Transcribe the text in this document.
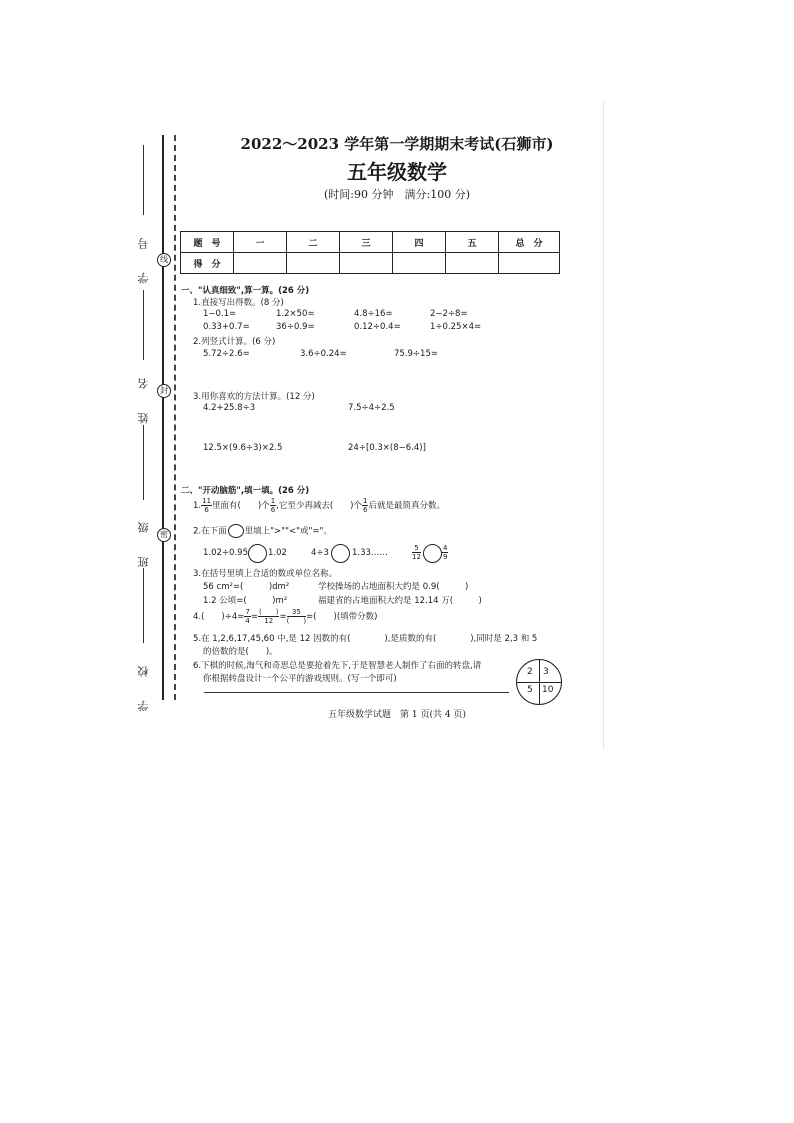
线
封
密
学 号
姓 名
班 级
学 校
2022～2023 学年第一学期期末考试(石狮市)
五年级数学
(时间:90 分钟　满分:100 分)
题　号	一	二	三	四	五	总　分
得　分						
一、"认真细致",算一算。(26 分)
1.直接写出得数。(8 分)
1−0.1=	1.2×50=	4.8÷16=	2−2÷8=
0.33+0.7=	36÷0.9=	0.12÷0.4=	1÷0.25×4=
2.列竖式计算。(6 分)
5.72÷2.6=	3.6÷0.24=	75.9÷15=
3.用你喜欢的方法计算。(12 分)
4.2+25.8÷3	7.5÷4÷2.5
12.5×(9.6÷3)×2.5	24÷[0.3×(8−6.4)]
二、"开动脑筋",填一填。(26 分)
1. $\frac{11}{6}$ 里面有(　　)个 $\frac{1}{6}$ ,它至少再减去(　　)个 $\frac{1}{6}$ 后就是最简真分数。
2.在下面 里填上">""<"或"="。
1.02÷0.95 1.02	4÷3	1.33……	$\frac{5}{12}$	$\frac{4}{9}$
3.在括号里填上合适的数或单位名称。
56 cm²=(　　　)dm²	学校操场的占地面积大约是 0.9(　　　)
1.2 公顷=(　　　)m²	福建省的占地面积大约是 12.14 万(　　　)
4.(　　)$\div 4= \frac{7}{4} = \frac{( )}{12} = \frac{35}{( )}$ =(　　)(填带分数)
5.在 1,2,6,17,45,60 中,是 12 因数的有(　　　　),是质数的有(　　　　),同时是 2,3 和 5
的倍数的是(　　)。
6.下棋的时候,淘气和奇思总是要抢着先下,于是智慧老人制作了右面的转盘,请
你根据转盘设计一个公平的游戏规则。(写一个即可)
2 3
5 10
五年级数学试题　第 1 页(共 4 页)
